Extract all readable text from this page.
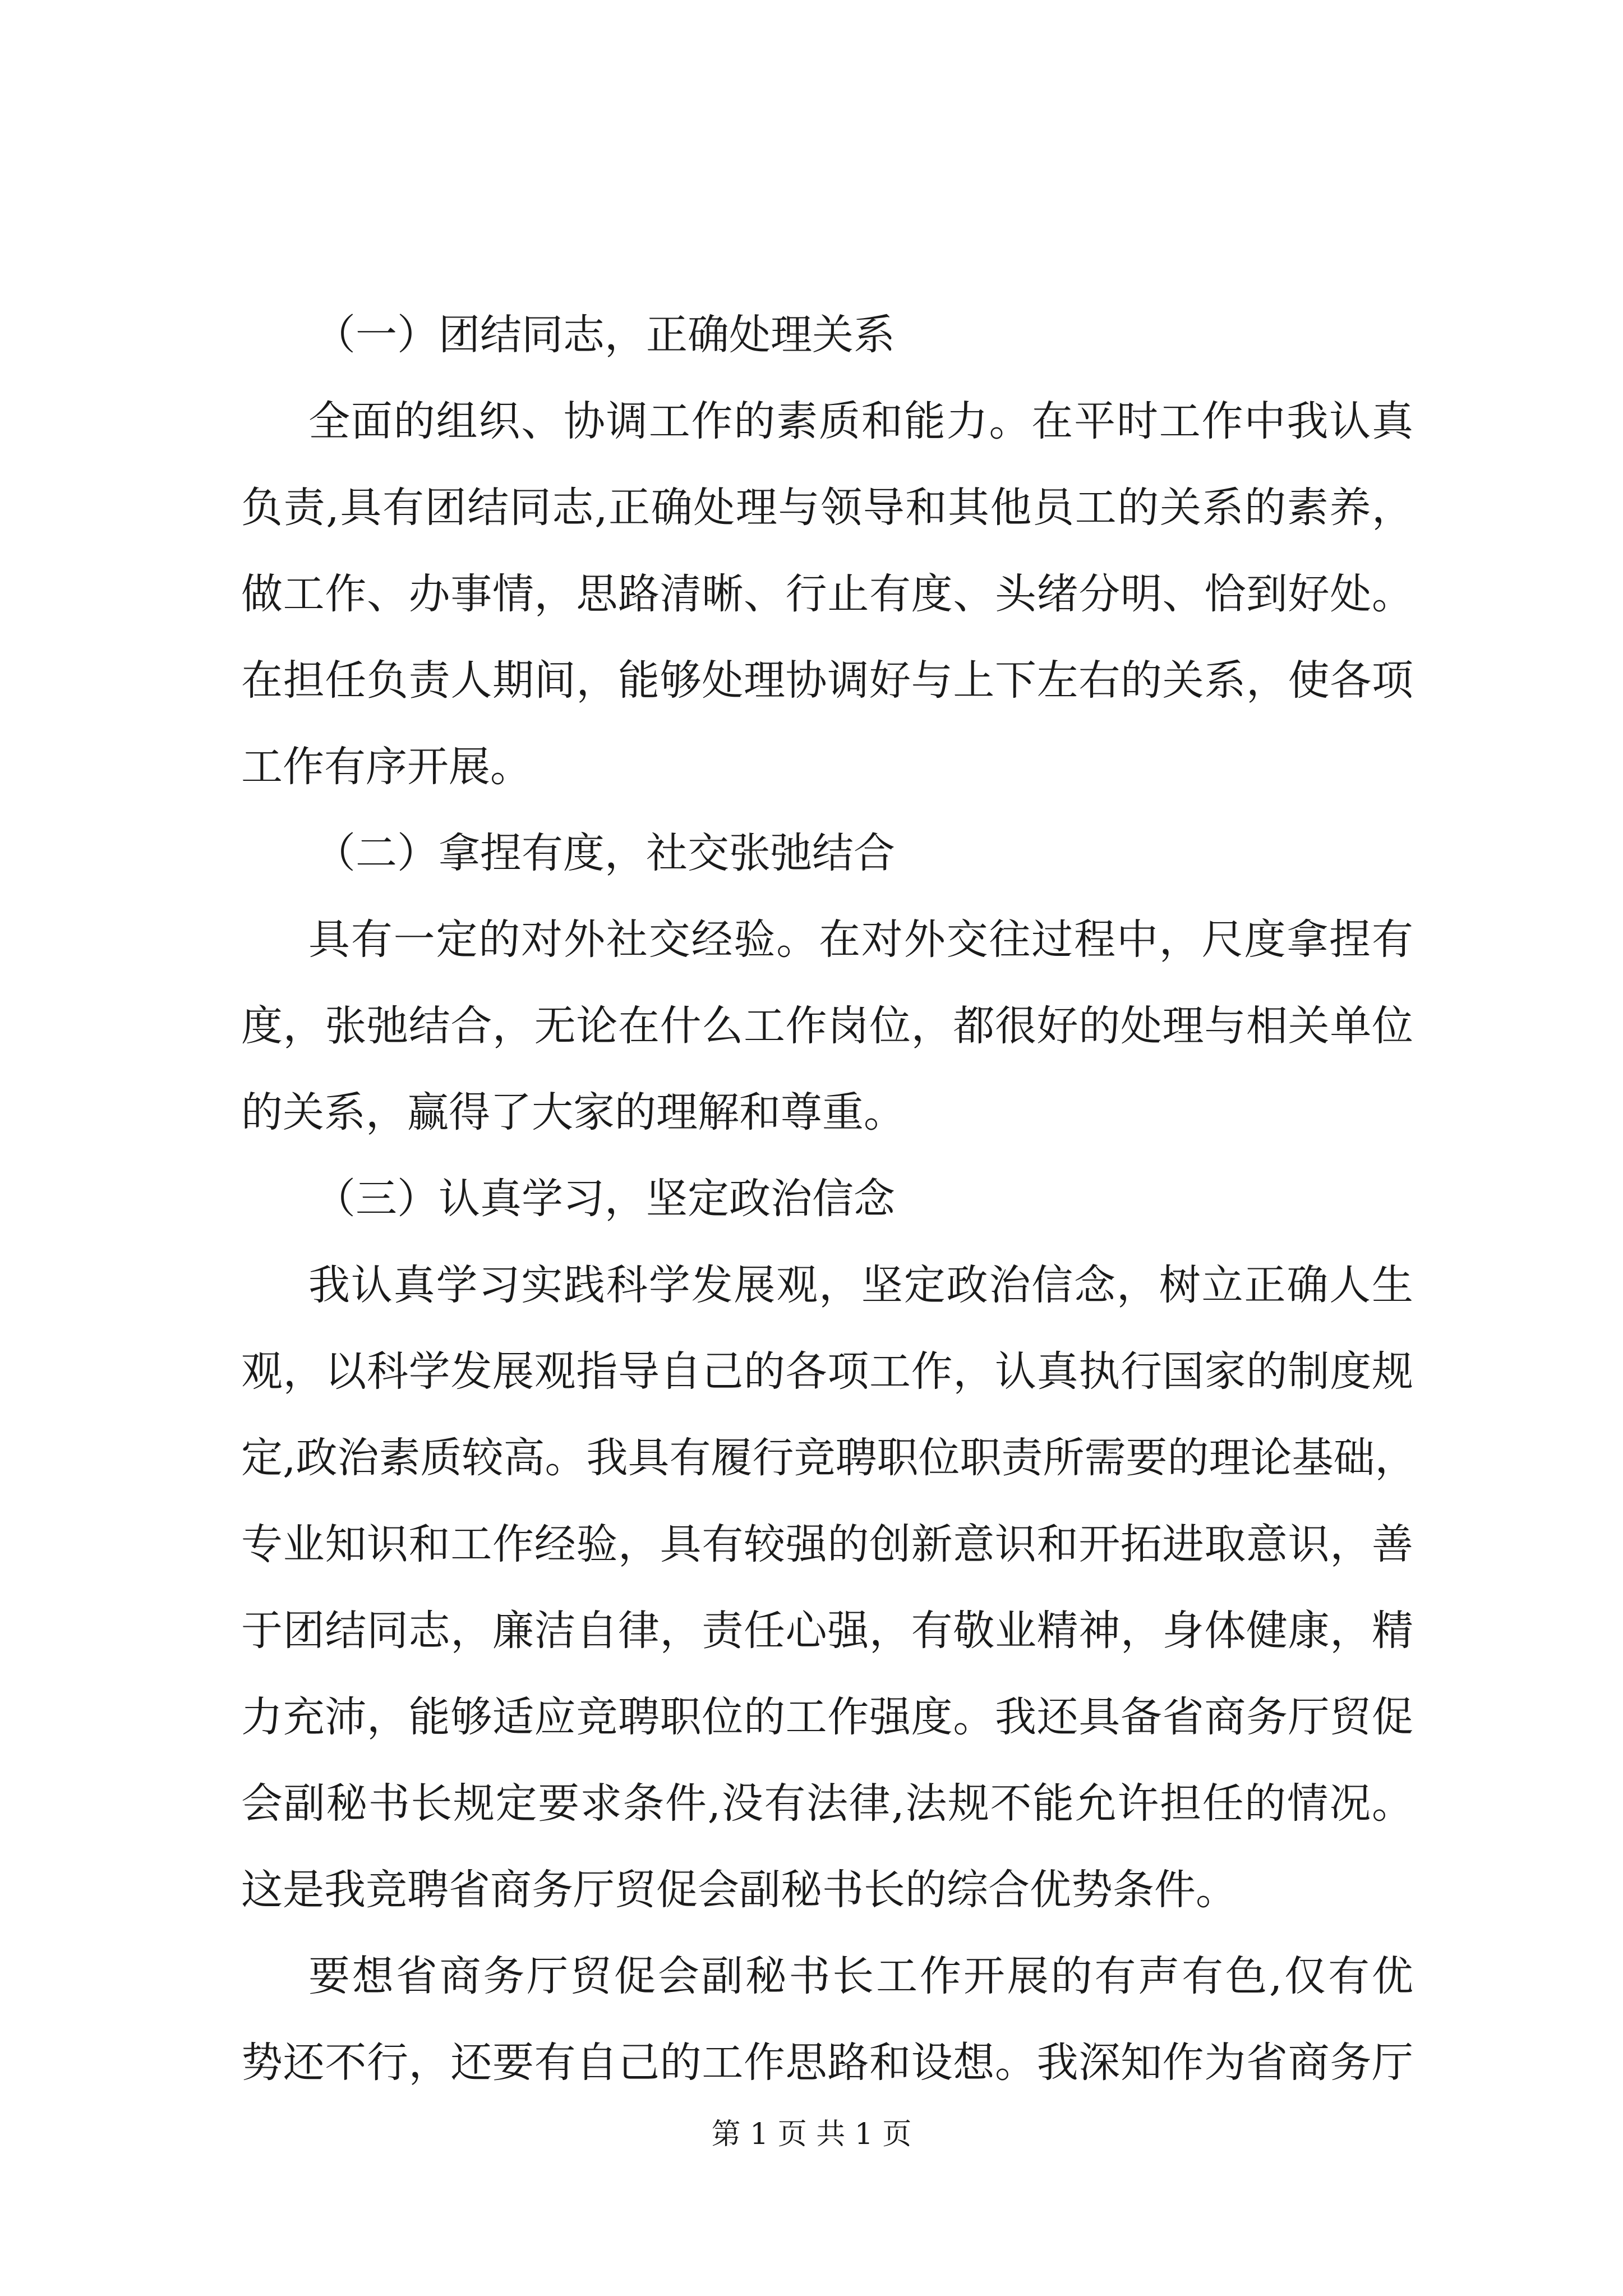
（一）团结同志，正确处理关系

全面的组织、协调工作的素质和能力。在平时工作中我认真

负责,具有团结同志,正确处理与领导和其他员工的关系的素养，

做工作、办事情，思路清晰、行止有度、头绪分明、恰到好处。

在担任负责人期间，能够处理协调好与上下左右的关系，使各项

工作有序开展。

（二）拿捏有度，社交张弛结合

具有一定的对外社交经验。在对外交往过程中，尺度拿捏有

度，张弛结合，无论在什么工作岗位，都很好的处理与相关单位

的关系，赢得了大家的理解和尊重。

（三）认真学习，坚定政治信念

我认真学习实践科学发展观，坚定政治信念，树立正确人生

观，以科学发展观指导自己的各项工作，认真执行国家的制度规

定,政治素质较高。我具有履行竞聘职位职责所需要的理论基础，

专业知识和工作经验，具有较强的创新意识和开拓进取意识，善

于团结同志，廉洁自律，责任心强，有敬业精神，身体健康，精

力充沛，能够适应竞聘职位的工作强度。我还具备省商务厅贸促

会副秘书长规定要求条件,没有法律,法规不能允许担任的情况。

这是我竞聘省商务厅贸促会副秘书长的综合优势条件。

要想省商务厅贸促会副秘书长工作开展的有声有色,仅有优

势还不行，还要有自己的工作思路和设想。我深知作为省商务厅

第 1 页 共 1 页
